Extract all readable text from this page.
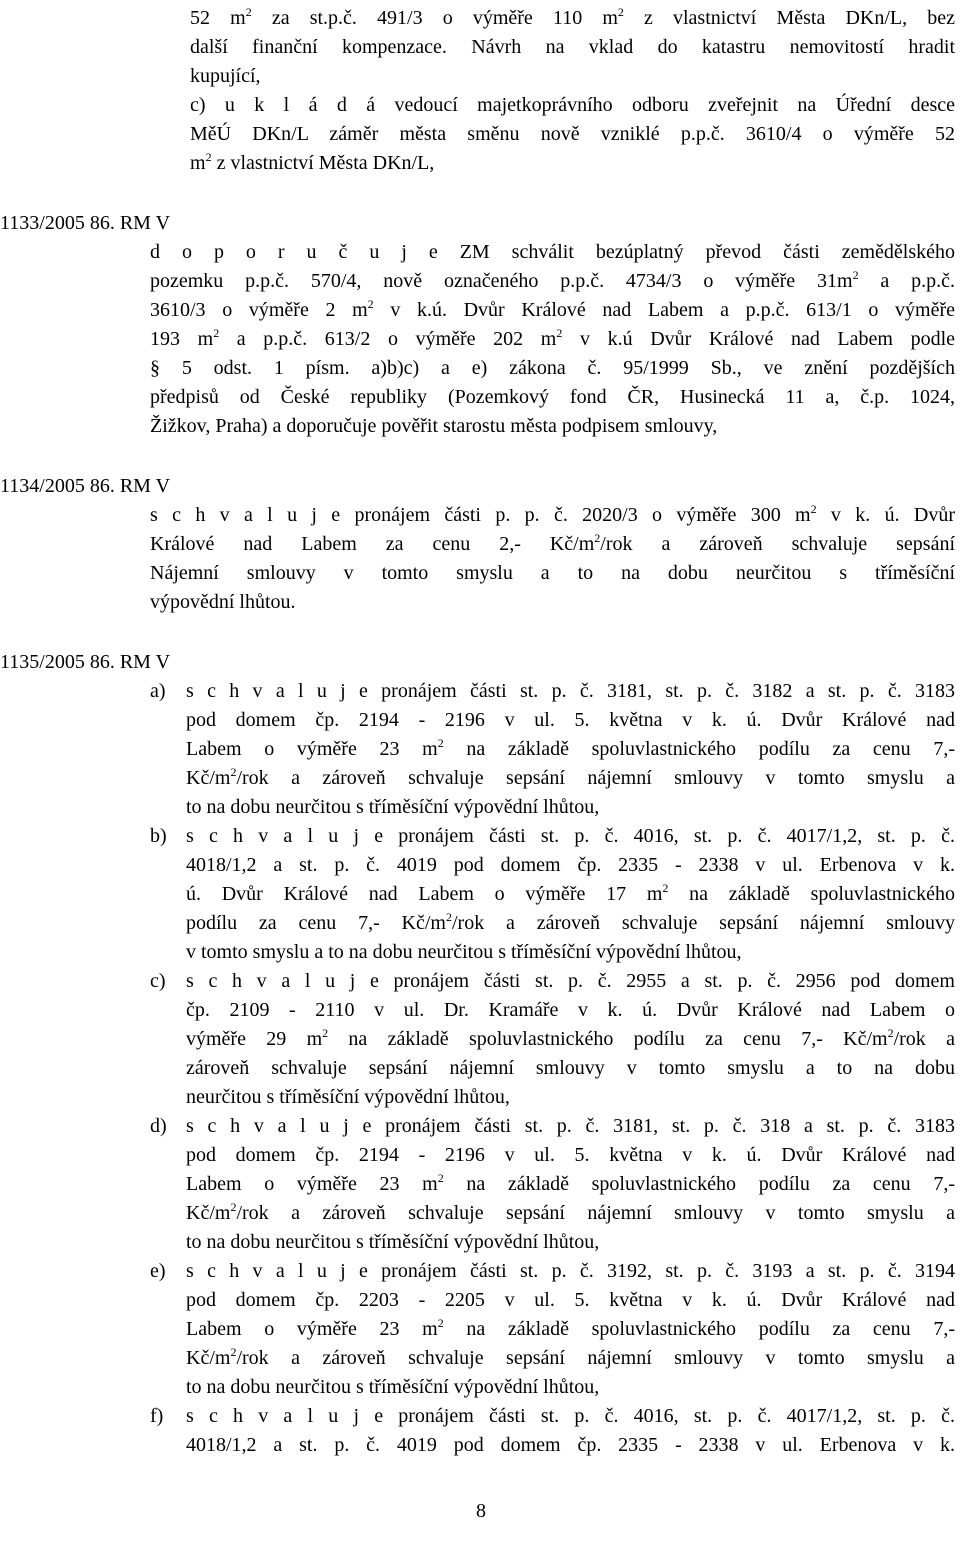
52 $m^2$ za st.p.č. 491/3 o výměře 110 $m^2$ z vlastnictví Města DKn/L, bez
další finanční kompenzace. Návrh na vklad do katastru nemovitostí hradit
kupující,
c) u k l á d á vedoucí majetkoprávního odboru zveřejnit na Úřední desce
MěÚ DKn/L záměr města směnu nově vzniklé p.p.č. 3610/4 o výměře 52
$m^2$ z vlastnictví Města DKn/L,
1133/2005 86. RM V
d o p o r u č u j e ZM schválit bezúplatný převod části zemědělského
pozemku p.p.č. 570/4, nově označeného p.p.č. 4734/3 o výměře $31m^2$ a p.p.č.
3610/3 o výměře 2 $m^2$ v k.ú. Dvůr Králové nad Labem a p.p.č. 613/1 o výměře
193 $m^2$ a p.p.č. 613/2 o výměře 202 $m^2$ v k.ú Dvůr Králové nad Labem podle
§ 5 odst. 1 písm. a)b)c) a e) zákona č. 95/1999 Sb., ve znění pozdějších
předpisů od České republiky (Pozemkový fond ČR, Husinecká 11 a, č.p. 1024,
Žižkov, Praha) a doporučuje pověřit starostu města podpisem smlouvy,
1134/2005 86. RM V
s c h v a l u j e pronájem části p. p. č. 2020/3 o výměře 300 $m^2$ v k. ú. Dvůr
Králové nad Labem za cenu 2,- $Kč/m^2$/rok a zároveň schvaluje sepsání
Nájemní smlouvy v tomto smyslu a to na dobu neurčitou s tříměsíční
výpovědní lhůtou.
1135/2005 86. RM V
a) s c h v a l u j e pronájem části st. p. č. 3181, st. p. č. 3182 a st. p. č. 3183
pod domem čp. 2194 - 2196 v ul. 5. května v k. ú. Dvůr Králové nad
Labem o výměře 23 $m^2$ na základě spoluvlastnického podílu za cenu 7,-
$Kč/m^2$/rok a zároveň schvaluje sepsání nájemní smlouvy v tomto smyslu a
to na dobu neurčitou s tříměsíční výpovědní lhůtou,
b) s c h v a l u j e pronájem části st. p. č. 4016, st. p. č. 4017/1,2, st. p. č.
4018/1,2 a st. p. č. 4019 pod domem čp. 2335 - 2338 v ul. Erbenova v k.
ú. Dvůr Králové nad Labem o výměře 17 $m^2$ na základě spoluvlastnického
podílu za cenu 7,- $Kč/m^2$/rok a zároveň schvaluje sepsání nájemní smlouvy
v tomto smyslu a to na dobu neurčitou s tříměsíční výpovědní lhůtou,
c) s c h v a l u j e pronájem části st. p. č. 2955 a st. p. č. 2956 pod domem
čp. 2109 - 2110 v ul. Dr. Kramáře v k. ú. Dvůr Králové nad Labem o
výměře 29 $m^2$ na základě spoluvlastnického podílu za cenu 7,- $Kč/m^2$/rok a
zároveň schvaluje sepsání nájemní smlouvy v tomto smyslu a to na dobu
neurčitou s tříměsíční výpovědní lhůtou,
d) s c h v a l u j e pronájem části st. p. č. 3181, st. p. č. 318 a st. p. č. 3183
pod domem čp. 2194 - 2196 v ul. 5. května v k. ú. Dvůr Králové nad
Labem o výměře 23 $m^2$ na základě spoluvlastnického podílu za cenu 7,-
$Kč/m^2$/rok a zároveň schvaluje sepsání nájemní smlouvy v tomto smyslu a
to na dobu neurčitou s tříměsíční výpovědní lhůtou,
e) s c h v a l u j e pronájem části st. p. č. 3192, st. p. č. 3193 a st. p. č. 3194
pod domem čp. 2203 - 2205 v ul. 5. května v k. ú. Dvůr Králové nad
Labem o výměře 23 $m^2$ na základě spoluvlastnického podílu za cenu 7,-
$Kč/m^2$/rok a zároveň schvaluje sepsání nájemní smlouvy v tomto smyslu a
to na dobu neurčitou s tříměsíční výpovědní lhůtou,
f) s c h v a l u j e pronájem části st. p. č. 4016, st. p. č. 4017/1,2, st. p. č.
4018/1,2 a st. p. č. 4019 pod domem čp. 2335 - 2338 v ul. Erbenova v k.
8
